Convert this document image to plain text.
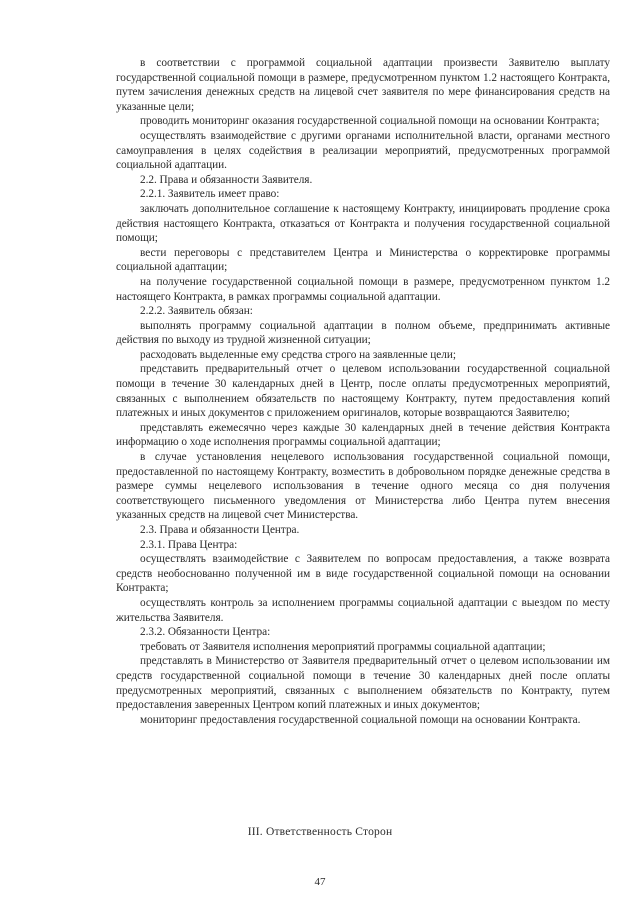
в соответствии с программой социальной адаптации произвести Заявителю выплату государственной социальной помощи в размере, предусмотренном пунктом 1.2 настоящего Контракта, путем зачисления денежных средств на лицевой счет заявителя по мере финансирования средств на указанные цели;

проводить мониторинг оказания государственной социальной помощи на основании Контракта;

осуществлять взаимодействие с другими органами исполнительной власти, органами местного самоуправления в целях содействия в реализации мероприятий, предусмотренных программой социальной адаптации.

2.2. Права и обязанности Заявителя.

2.2.1. Заявитель имеет право:

заключать дополнительное соглашение к настоящему Контракту, инициировать продление срока действия настоящего Контракта, отказаться от Контракта и получения государственной социальной помощи;

вести переговоры с представителем Центра и Министерства о корректировке программы социальной адаптации;

на получение государственной социальной помощи в размере, предусмотренном пунктом 1.2 настоящего Контракта, в рамках программы социальной адаптации.

2.2.2. Заявитель обязан:

выполнять программу социальной адаптации в полном объеме, предпринимать активные действия по выходу из трудной жизненной ситуации;

расходовать выделенные ему средства строго на заявленные цели;

представить предварительный отчет о целевом использовании государственной социальной помощи в течение 30 календарных дней в Центр, после оплаты предусмотренных мероприятий, связанных с выполнением обязательств по настоящему Контракту, путем предоставления копий платежных и иных документов с приложением оригиналов, которые возвращаются Заявителю;

представлять ежемесячно через каждые 30 календарных дней в течение действия Контракта информацию о ходе исполнения программы социальной адаптации;

в случае установления нецелевого использования государственной социальной помощи, предоставленной по настоящему Контракту, возместить в добровольном порядке денежные средства в размере суммы нецелевого использования в течение одного месяца со дня получения соответствующего письменного уведомления от Министерства либо Центра путем внесения указанных средств на лицевой счет Министерства.

2.3. Права и обязанности Центра.

2.3.1. Права Центра:

осуществлять взаимодействие с Заявителем по вопросам предоставления, а также возврата средств необоснованно полученной им в виде государственной социальной помощи на основании Контракта;

осуществлять контроль за исполнением программы социальной адаптации с выездом по месту жительства Заявителя.

2.3.2. Обязанности Центра:

требовать от Заявителя исполнения мероприятий программы социальной адаптации;

представлять в Министерство от Заявителя предварительный отчет о целевом использовании им средств государственной социальной помощи в течение 30 календарных дней после оплаты предусмотренных мероприятий, связанных с выполнением обязательств по Контракту, путем предоставления заверенных Центром копий платежных и иных документов;

мониторинг предоставления государственной социальной помощи на основании Контракта.

III. Ответственность Сторон
47
